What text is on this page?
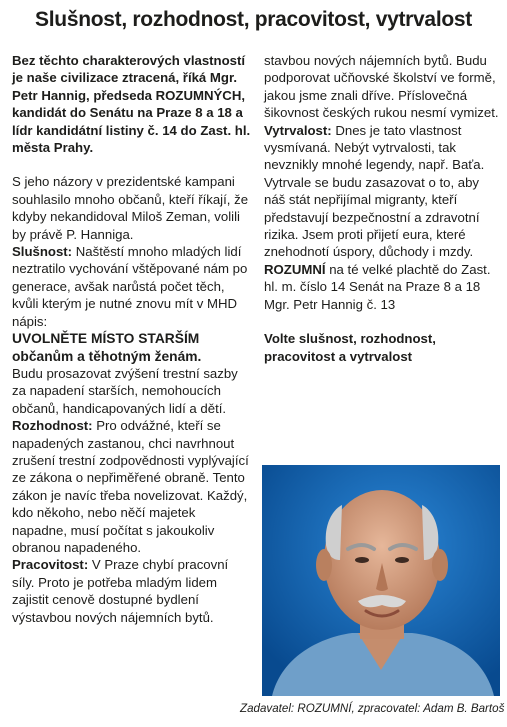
Slušnost, rozhodnost, pracovitost, vytrvalost

Bez těchto charakterových vlastností je naše civilizace ztracená, říká Mgr. Petr Hannig, předseda ROZUMNÝCH, kandidát do Senátu na Praze 8 a 18 a lídr kandidátní listiny č. 14 do Zast. hl. města Prahy.

S jeho názory v prezidentské kampani souhlasilo mnoho občanů, kteří říkají, že kdyby nekandidoval Miloš Zeman, volili by právě P. Hanniga.

Slušnost: Naštěstí mnoho mladých lidí neztratilo vychování vštěpované nám po generace, avšak narůstá počet těch, kvůli kterým je nutné znovu mít v MHD nápis:

UVOLNĚTE MÍSTO STARŠÍM občanům a těhotným ženám.

Budu prosazovat zvýšení trestní sazby za napadení starších, nemohoucích občanů, handicapovaných lidí a dětí.

Rozhodnost: Pro odvážné, kteří se napadených zastanou, chci navrhnout zrušení trestní zodpovědnosti vyplývající ze zákona o nepřiměřené obraně. Tento zákon je navíc třeba novelizovat. Každý, kdo někoho, nebo něčí majetek napadne, musí počítat s jakoukoliv obranou napadeného.

Pracovitost: V Praze chybí pracovní síly. Proto je potřeba mladým lidem zajistit cenově dostupné bydlení výstavbou nových nájemních bytů.

stavbou nových nájemních bytů. Budu podporovat učňovské školství ve formě, jakou jsme znali dříve. Příslovečná šikovnost českých rukou nesmí vymizet.

Vytrvalost: Dnes je tato vlastnost vysmívaná. Nebýt vytrvalosti, tak nevznikly mnohé legendy, např. Baťa. Vytrvale se budu zasazovat o to, aby náš stát nepřijímal migranty, kteří představují bezpečnostní a zdravotní rizika. Jsem proti přijetí eura, které znehodnotí úspory, důchody i mzdy.

ROZUMNÍ na té velké plachtě do Zast. hl. m. číslo 14 Senát na Praze 8 a 18 Mgr. Petr Hannig č. 13

Volte slušnost, rozhodnost, pracovitost a vytrvalost

Zadavatel: ROZUMNÍ, zpracovatel: Adam B. Bartoš
